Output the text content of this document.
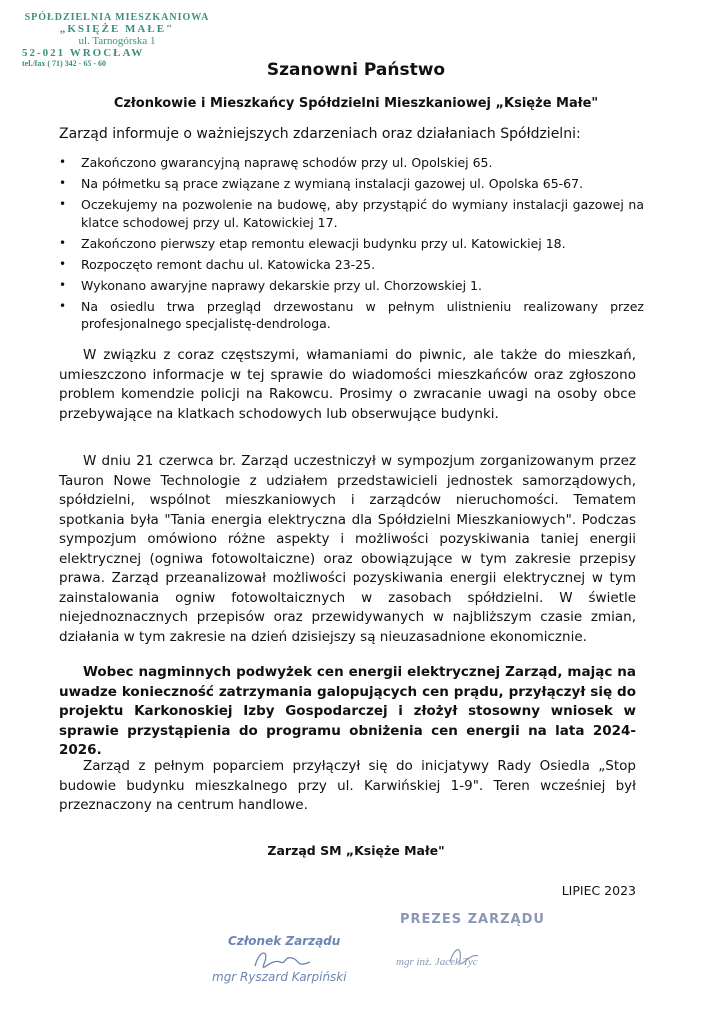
SPÓŁDZIELNIA MIESZKANIOWA
„KSIĘŻE MAŁE"
ul. Tarnogórska 1
52-021 WROCŁAW
tel./fax ( 71) 342 - 65 - 60	Szanowni Państwo
Członkowie i Mieszkańcy Spółdzielni Mieszkaniowej „Księże Małe"
Zarząd informuje o ważniejszych zdarzeniach oraz działaniach Spółdzielni:
• Zakończono gwarancyjną naprawę schodów przy ul. Opolskiej 65.
• Na półmetku są prace związane z wymianą instalacji gazowej ul. Opolska 65-67.
• Oczekujemy na pozwolenie na budowę, aby przystąpić do wymiany instalacji gazowej na klatce schodowej przy ul. Katowickiej 17.
• Zakończono pierwszy etap remontu elewacji budynku przy ul. Katowickiej 18.
• Rozpoczęto remont dachu ul. Katowicka 23-25.
• Wykonano awaryjne naprawy dekarskie przy ul. Chorzowskiej 1.
• Na osiedlu trwa przegląd drzewostanu w pełnym ulistnieniu realizowany przez profesjonalnego specjalistę-dendrologa.
W związku z coraz częstszymi, włamaniami do piwnic, ale także do mieszkań, umieszczono informacje w tej sprawie do wiadomości mieszkańców oraz zgłoszono problem komendzie policji na Rakowcu. Prosimy o zwracanie uwagi na osoby obce przebywające na klatkach schodowych lub obserwujące budynki.
W dniu 21 czerwca br. Zarząd uczestniczył w sympozjum zorganizowanym przez Tauron Nowe Technologie z udziałem przedstawicieli jednostek samorządowych, spółdzielni, wspólnot mieszkaniowych i zarządców nieruchomości. Tematem spotkania była "Tania energia elektryczna dla Spółdzielni Mieszkaniowych". Podczas sympozjum omówiono różne aspekty i możliwości pozyskiwania taniej energii elektrycznej (ogniwa fotowoltaiczne) oraz obowiązujące w tym zakresie przepisy prawa. Zarząd przeanalizował możliwości pozyskiwania energii elektrycznej w tym zainstalowania ogniw fotowoltaicznych w zasobach spółdzielni. W świetle niejednoznacznych przepisów oraz przewidywanych w najbliższym czasie zmian, działania w tym zakresie na dzień dzisiejszy są nieuzasadnione ekonomicznie.
Wobec nagminnych podwyżek cen energii elektrycznej Zarząd, mając na uwadze konieczność zatrzymania galopujących cen prądu, przyłączył się do projektu Karkonoskiej Izby Gospodarczej i złożył stosowny wniosek w sprawie przystąpienia do programu obniżenia cen energii na lata 2024-2026.
Zarząd z pełnym poparciem przyłączył się do inicjatywy Rady Osiedla „Stop budowie budynku mieszkalnego przy ul. Karwińskiej 1-9". Teren wcześniej był przeznaczony na centrum handlowe.
Zarząd SM „Księże Małe"
LIPIEC 2023
Członek Zarządu
mgr Ryszard Karpiński
PREZES ZARZĄDU
mgr inż. Jacek Tyc
